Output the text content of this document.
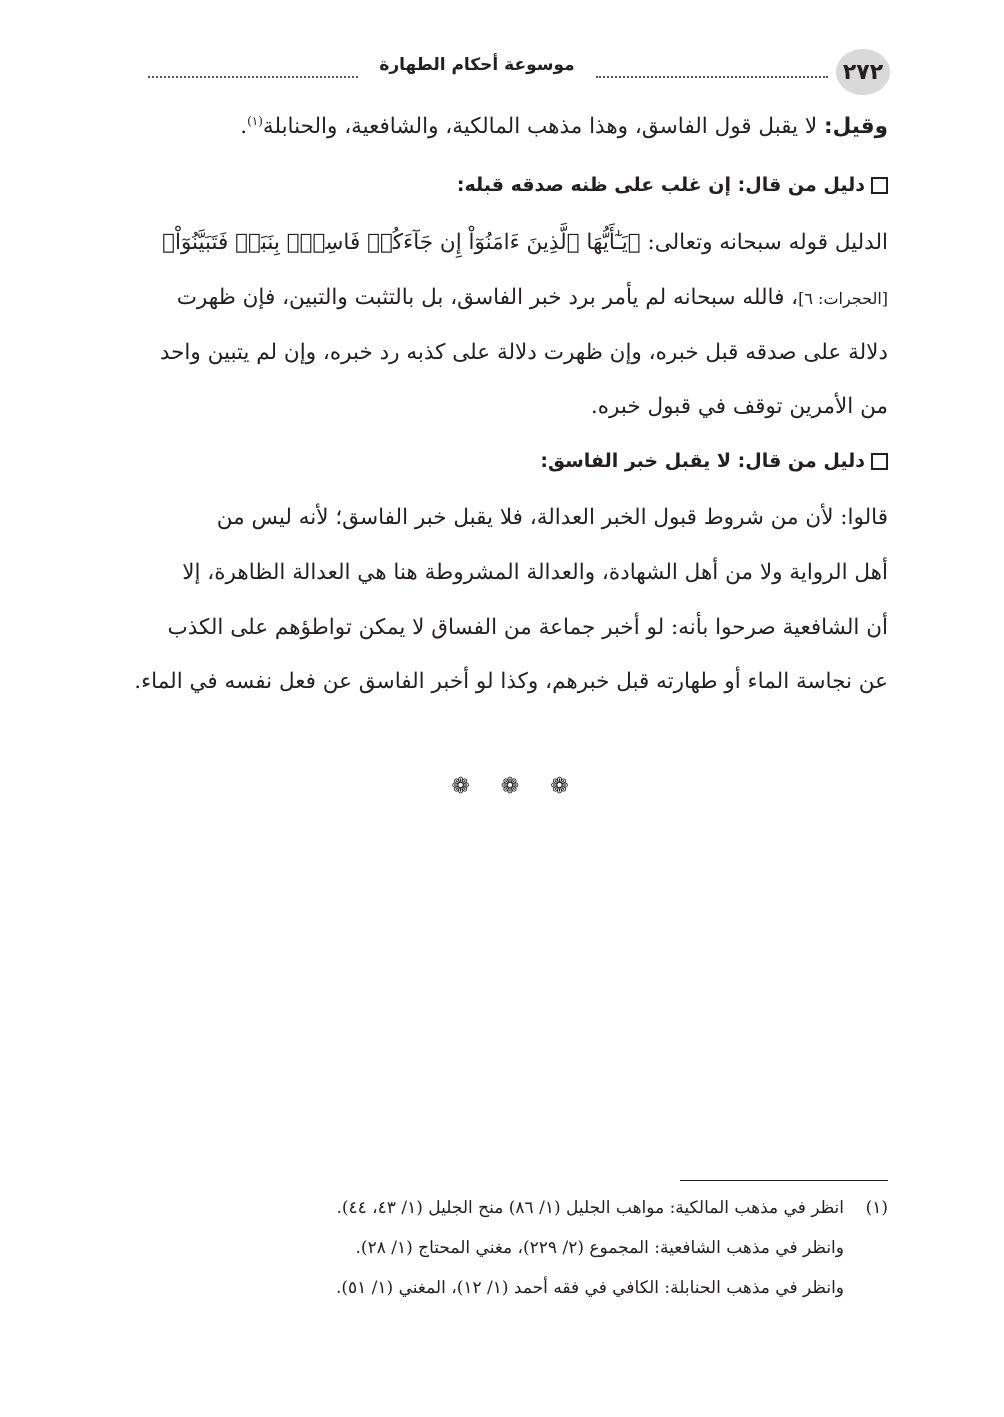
٢٧٢
موسوعة أحكام الطهارة
وقيل: لا يقبل قول الفاسق، وهذا مذهب المالكية، والشافعية، والحنابلة$^{(١)}$.
دليل من قال: إن غلب على ظنه صدقه قبله:
الدليل قوله سبحانه وتعالى: ﴿يَـٰٓأَيُّهَا ٱلَّذِينَ ءَامَنُوٓاْ إِن جَآءَكُمۡ فَاسِقُۢ بِنَبَإٖ فَتَبَيَّنُوٓاْ﴾
[الحجرات: ٦]، فالله سبحانه لم يأمر برد خبر الفاسق، بل بالتثبت والتبين، فإن ظهرت
دلالة على صدقه قبل خبره، وإن ظهرت دلالة على كذبه رد خبره، وإن لم يتبين واحد
من الأمرين توقف في قبول خبره.
دليل من قال: لا يقبل خبر الفاسق:
قالوا: لأن من شروط قبول الخبر العدالة، فلا يقبل خبر الفاسق؛ لأنه ليس من
أهل الرواية ولا من أهل الشهادة، والعدالة المشروطة هنا هي العدالة الظاهرة، إلا
أن الشافعية صرحوا بأنه: لو أخبر جماعة من الفساق لا يمكن تواطؤهم على الكذب
عن نجاسة الماء أو طهارته قبل خبرهم، وكذا لو أخبر الفاسق عن فعل نفسه في الماء.
❁ ❁ ❁
(١)انظر في مذهب المالكية: مواهب الجليل (١/ ٨٦) منح الجليل (١/ ٤٣، ٤٤).
وانظر في مذهب الشافعية: المجموع (٢/ ٢٢٩)، مغني المحتاج (١/ ٢٨).
وانظر في مذهب الحنابلة: الكافي في فقه أحمد (١/ ١٢)، المغني (١/ ٥١).
